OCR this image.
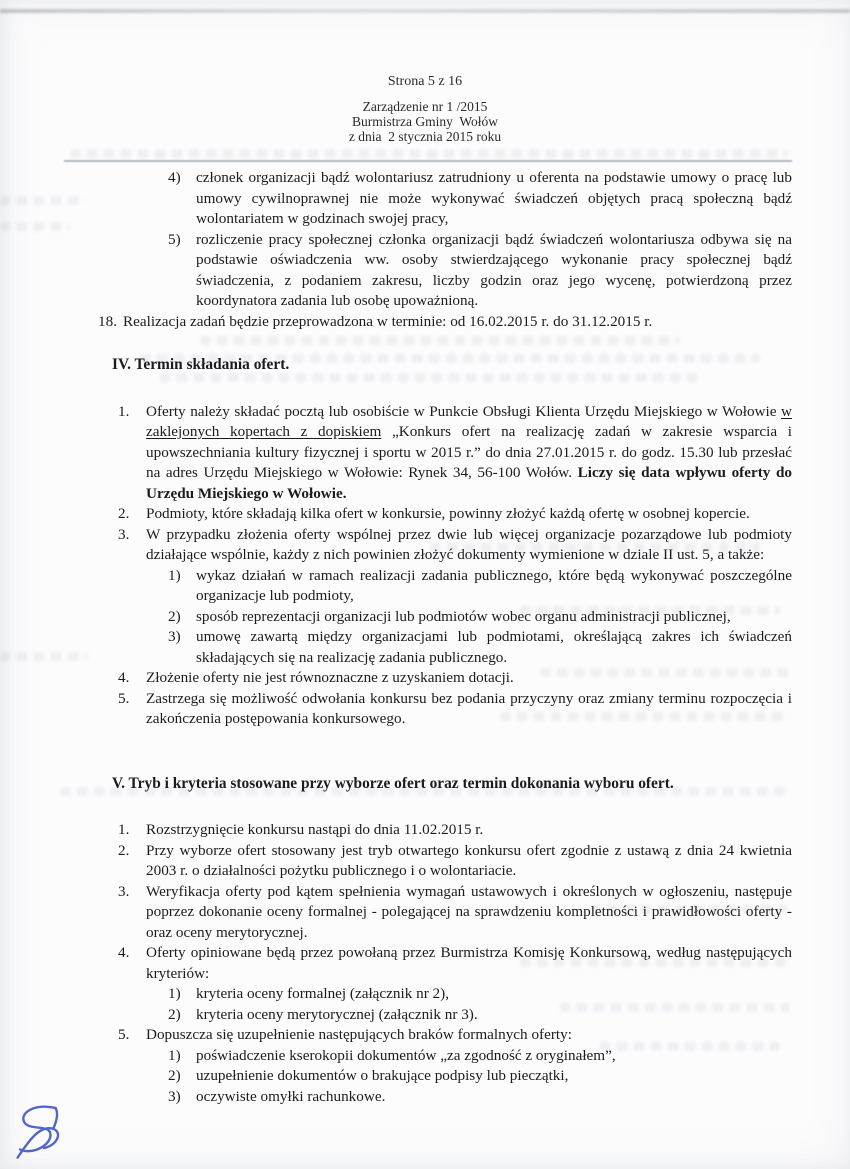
Strona 5 z 16
Zarządzenie nr 1 /2015
Burmistrza Gminy  Wołów
z dnia  2 stycznia 2015 roku
4)	członek organizacji bądź wolontariusz zatrudniony u oferenta na podstawie umowy o pracę lub umowy cywilnoprawnej nie może wykonywać świadczeń objętych pracą społeczną bądź wolontariatem w godzinach swojej pracy,
5)	rozliczenie pracy społecznej członka organizacji bądź świadczeń wolontariusza odbywa się na podstawie oświadczenia ww. osoby stwierdzającego wykonanie pracy społecznej bądź świadczenia, z podaniem zakresu, liczby godzin oraz jego wycenę, potwierdzoną przez koordynatora zadania lub osobę upoważnioną.
18. Realizacja zadań będzie przeprowadzona w terminie: od 16.02.2015 r. do 31.12.2015 r.
IV. Termin składania ofert.
1.	Oferty należy składać pocztą lub osobiście w Punkcie Obsługi Klienta Urzędu Miejskiego w Wołowie w zaklejonych kopertach z dopiskiem „Konkurs ofert na realizację zadań w zakresie wsparcia i upowszechniania kultury fizycznej i sportu w 2015 r.” do dnia 27.01.2015 r. do godz. 15.30 lub przesłać na adres Urzędu Miejskiego w Wołowie: Rynek 34, 56-100 Wołów. Liczy się data wpływu oferty do Urzędu Miejskiego w Wołowie.
2.	Podmioty, które składają kilka ofert w konkursie, powinny złożyć każdą ofertę w osobnej kopercie.
3.	W przypadku złożenia oferty wspólnej przez dwie lub więcej organizacje pozarządowe lub podmioty działające wspólnie, każdy z nich powinien złożyć dokumenty wymienione w dziale II ust. 5, a także:
1)	wykaz działań w ramach realizacji zadania publicznego, które będą wykonywać poszczególne organizacje lub podmioty,
2)	sposób reprezentacji organizacji lub podmiotów wobec organu administracji publicznej,
3)	umowę zawartą między organizacjami lub podmiotami, określającą zakres ich świadczeń składających się na realizację zadania publicznego.
4.	Złożenie oferty nie jest równoznaczne z uzyskaniem dotacji.
5.	Zastrzega się możliwość odwołania konkursu bez podania przyczyny oraz zmiany terminu rozpoczęcia i zakończenia postępowania konkursowego.
V. Tryb i kryteria stosowane przy wyborze ofert oraz termin dokonania wyboru ofert.
1.	Rozstrzygnięcie konkursu nastąpi do dnia 11.02.2015 r.
2.	Przy wyborze ofert stosowany jest tryb otwartego konkursu ofert zgodnie z ustawą z dnia 24 kwietnia 2003 r. o działalności pożytku publicznego i o wolontariacie.
3.	Weryfikacja oferty pod kątem spełnienia wymagań ustawowych i określonych w ogłoszeniu, następuje poprzez dokonanie oceny formalnej - polegającej na sprawdzeniu kompletności i prawidłowości oferty - oraz oceny merytorycznej.
4.	Oferty opiniowane będą przez powołaną przez Burmistrza Komisję Konkursową, według następujących kryteriów:
1)	kryteria oceny formalnej (załącznik nr 2),
2)	kryteria oceny merytorycznej (załącznik nr 3).
5.	Dopuszcza się uzupełnienie następujących braków formalnych oferty:
1)	poświadczenie kserokopii dokumentów „za zgodność z oryginałem”,
2)	uzupełnienie dokumentów o brakujące podpisy lub pieczątki,
3)	oczywiste omyłki rachunkowe.
